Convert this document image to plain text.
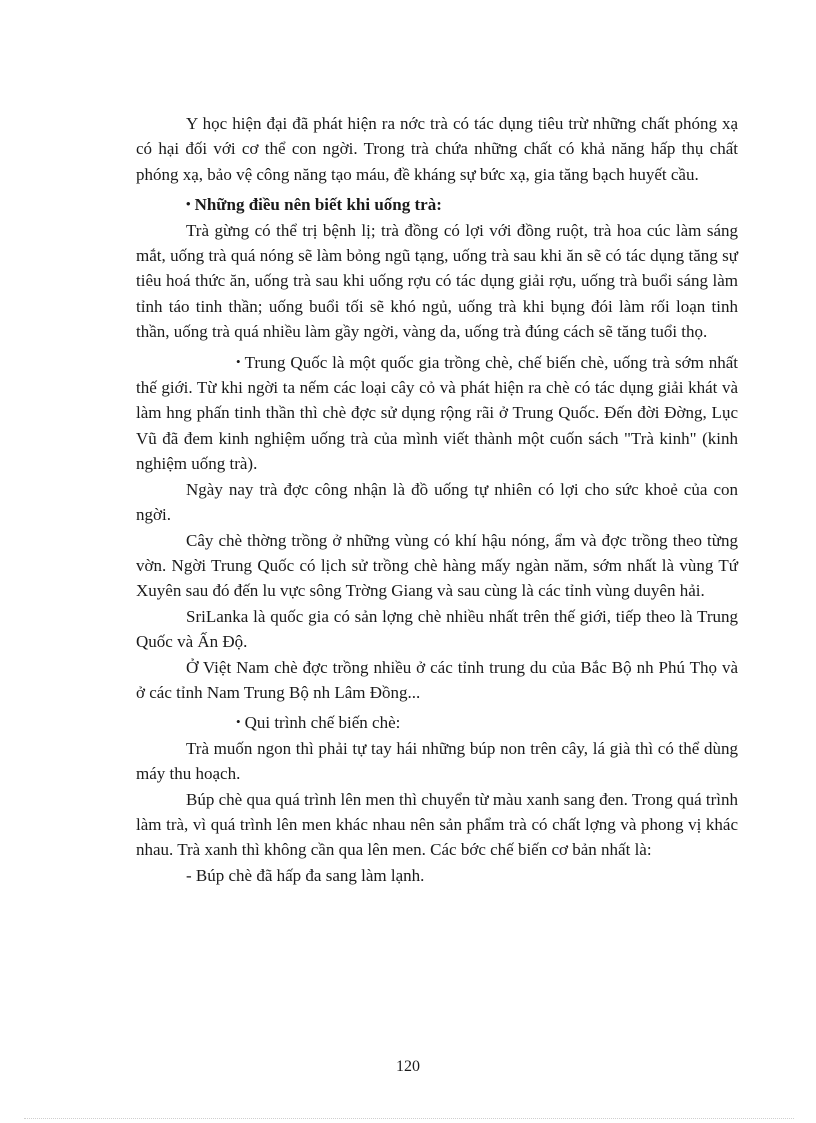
Y học hiện đại đã phát hiện ra nớc trà có tác dụng tiêu trừ những chất phóng xạ có hại đối với cơ thể con ngời. Trong trà chứa những chất có khả năng hấp thụ chất phóng xạ, bảo vệ công năng tạo máu, đề kháng sự bức xạ, gia tăng bạch huyết cầu.

• Những điều nên biết khi uống trà:

Trà gừng có thể trị bệnh lị; trà đồng có lợi với đồng ruột, trà hoa cúc làm sáng mắt, uống trà quá nóng sẽ làm bỏng ngũ tạng, uống trà sau khi ăn sẽ có tác dụng tăng sự tiêu hoá thức ăn, uống trà sau khi uống rợu có tác dụng giải rợu, uống trà buổi sáng làm tỉnh táo tinh thần; uống buổi tối sẽ khó ngủ, uống trà khi bụng đói làm rối loạn tinh thần, uống trà quá nhiều làm gầy ngời, vàng da, uống trà đúng cách sẽ tăng tuổi thọ.

• Trung Quốc là một quốc gia trồng chè, chế biến chè, uống trà sớm nhất thế giới. Từ khi ngời ta nếm các loại cây cỏ và phát hiện ra chè có tác dụng giải khát và làm hng phấn tinh thần thì chè đợc sử dụng rộng rãi ở Trung Quốc. Đến đời Đờng, Lục Vũ đã đem kinh nghiệm uống trà của mình viết thành một cuốn sách "Trà kinh" (kinh nghiệm uống trà).

Ngày nay trà đợc công nhận là đồ uống tự nhiên có lợi cho sức khoẻ của con ngời.

Cây chè thờng trồng ở những vùng có khí hậu nóng, ẩm và đợc trồng theo từng vờn. Ngời Trung Quốc có lịch sử trồng chè hàng mấy ngàn năm, sớm nhất là vùng Tứ Xuyên sau đó đến lu vực sông Trờng Giang và sau cùng là các tỉnh vùng duyên hải.

SriLanka là quốc gia có sản lợng chè nhiều nhất trên thế giới, tiếp theo là Trung Quốc và Ấn Độ.

Ở Việt Nam chè đợc trồng nhiều ở các tỉnh trung du của Bắc Bộ nh Phú Thọ và ở các tỉnh Nam Trung Bộ nh Lâm Đồng...

• Qui trình chế biến chè:

Trà muốn ngon thì phải tự tay hái những búp non trên cây, lá già thì có thể dùng máy thu hoạch.

Búp chè qua quá trình lên men thì chuyển từ màu xanh sang đen. Trong quá trình làm trà, vì quá trình lên men khác nhau nên sản phẩm trà có chất lợng và phong vị khác nhau. Trà xanh thì không cần qua lên men. Các bớc chế biến cơ bản nhất là:

- Búp chè đã hấp đa sang làm lạnh.

120
